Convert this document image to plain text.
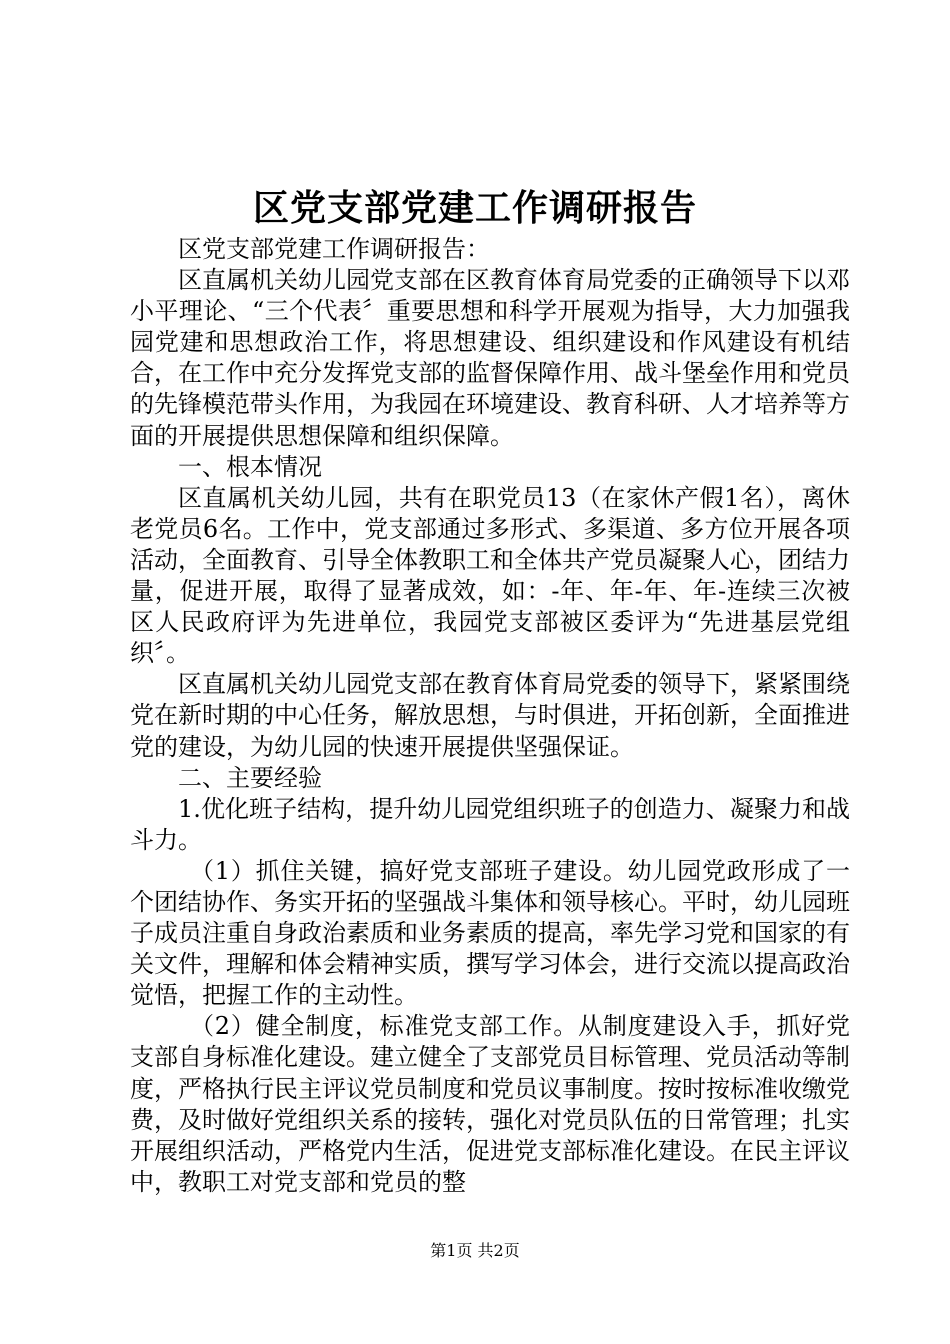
区党支部党建工作调研报告

区党支部党建工作调研报告：

区直属机关幼儿园党支部在区教育体育局党委的正确领导下以邓小平理论、“三个代表〞重要思想和科学开展观为指导，大力加强我园党建和思想政治工作，将思想建设、组织建设和作风建设有机结合，在工作中充分发挥党支部的监督保障作用、战斗堡垒作用和党员的先锋模范带头作用，为我园在环境建设、教育科研、人才培养等方面的开展提供思想保障和组织保障。

一、根本情况

区直属机关幼儿园，共有在职党员13（在家休产假1名），离休老党员6名。工作中，党支部通过多形式、多渠道、多方位开展各项活动，全面教育、引导全体教职工和全体共产党员凝聚人心，团结力量，促进开展，取得了显著成效，如：-年、年-年、年-连续三次被区人民政府评为先进单位，我园党支部被区委评为“先进基层党组织〞。

区直属机关幼儿园党支部在教育体育局党委的领导下，紧紧围绕党在新时期的中心任务，解放思想，与时俱进，开拓创新，全面推进党的建设，为幼儿园的快速开展提供坚强保证。

二、主要经验

1.优化班子结构，提升幼儿园党组织班子的创造力、凝聚力和战斗力。

（1）抓住关键，搞好党支部班子建设。幼儿园党政形成了一个团结协作、务实开拓的坚强战斗集体和领导核心。平时，幼儿园班子成员注重自身政治素质和业务素质的提高，率先学习党和国家的有关文件，理解和体会精神实质，撰写学习体会，进行交流以提高政治觉悟，把握工作的主动性。

（2）健全制度，标准党支部工作。从制度建设入手，抓好党支部自身标准化建设。建立健全了支部党员目标管理、党员活动等制度，严格执行民主评议党员制度和党员议事制度。按时按标准收缴党费，及时做好党组织关系的接转，强化对党员队伍的日常管理；扎实开展组织活动，严格党内生活，促进党支部标准化建设。在民主评议中，教职工对党支部和党员的整

第1页 共2页
